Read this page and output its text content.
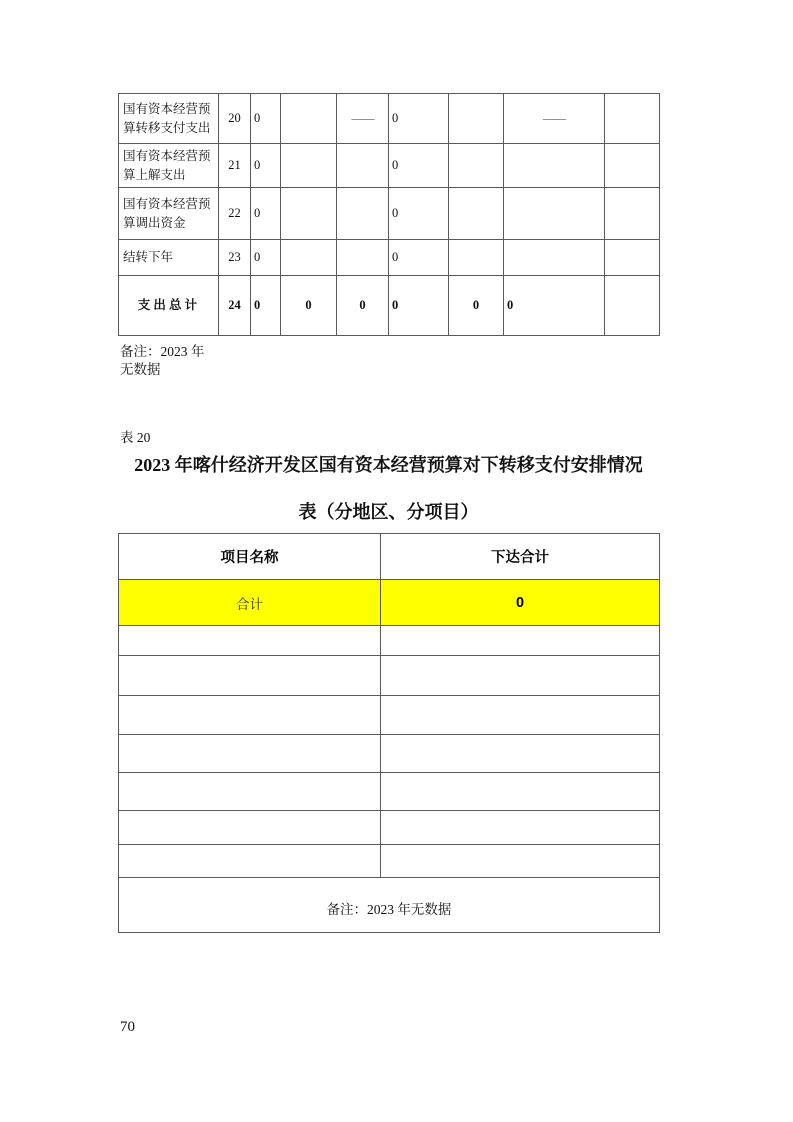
国有资本经营预算转移支付支出	20	0		——	0		——	
国有资本经营预算上解支出	21	0			0			
国有资本经营预算调出资金	22	0			0			
结转下年	23	0			0			
支 出 总 计	24	0	0	0	0	0	0	
备注：2023 年
无数据
表 20
2023 年喀什经济开发区国有资本经营预算对下转移支付安排情况
表（分地区、分项目）
项目名称	下达合计
合计	0

备注：2023 年无数据	
70
